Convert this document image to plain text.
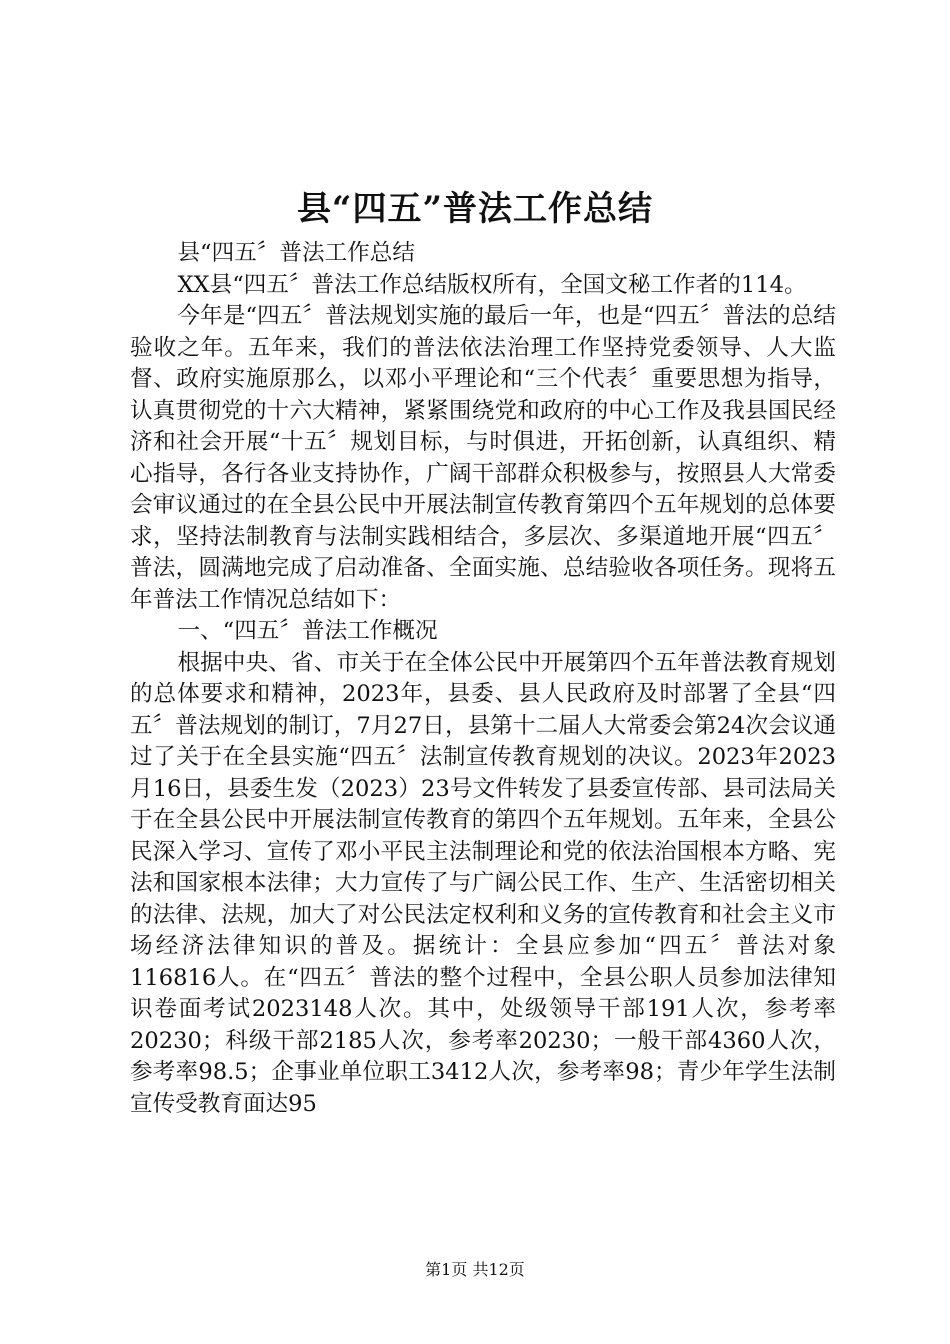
县“四五”普法工作总结

县“四五〞普法工作总结

XX县“四五〞普法工作总结版权所有，全国文秘工作者的114。

今年是“四五〞普法规划实施的最后一年，也是“四五〞普法的总结验收之年。五年来，我们的普法依法治理工作坚持党委领导、人大监督、政府实施原那么，以邓小平理论和“三个代表〞重要思想为指导，认真贯彻党的十六大精神，紧紧围绕党和政府的中心工作及我县国民经济和社会开展“十五〞规划目标，与时俱进，开拓创新，认真组织、精心指导，各行各业支持协作，广阔干部群众积极参与，按照县人大常委会审议通过的在全县公民中开展法制宣传教育第四个五年规划的总体要求，坚持法制教育与法制实践相结合，多层次、多渠道地开展“四五〞普法，圆满地完成了启动准备、全面实施、总结验收各项任务。现将五年普法工作情况总结如下：

一、“四五〞普法工作概况

根据中央、省、市关于在全体公民中开展第四个五年普法教育规划的总体要求和精神，2023年，县委、县人民政府及时部署了全县“四五〞普法规划的制订，7月27日，县第十二届人大常委会第24次会议通过了关于在全县实施“四五〞法制宣传教育规划的决议。2023年2023月16日，县委生发（2023）23号文件转发了县委宣传部、县司法局关于在全县公民中开展法制宣传教育的第四个五年规划。五年来，全县公民深入学习、宣传了邓小平民主法制理论和党的依法治国根本方略、宪法和国家根本法律；大力宣传了与广阔公民工作、生产、生活密切相关的法律、法规，加大了对公民法定权利和义务的宣传教育和社会主义市场经济法律知识的普及。据统计：全县应参加“四五〞普法对象116816人。在“四五〞普法的整个过程中，全县公职人员参加法律知识卷面考试2023148人次。其中，处级领导干部191人次，参考率20230；科级干部2185人次，参考率20230；一般干部4360人次，参考率98.5；企事业单位职工3412人次，参考率98；青少年学生法制宣传受教育面达95

第1页 共12页
